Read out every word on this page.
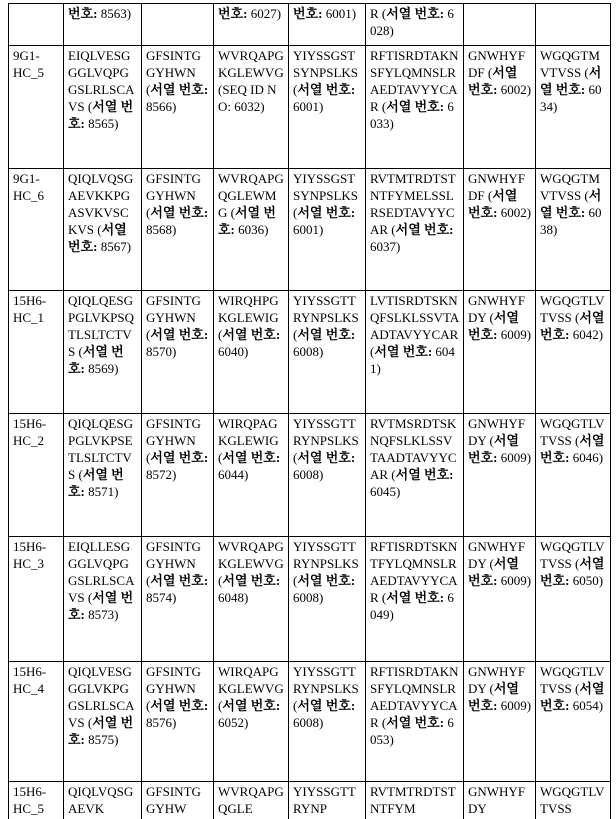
	번호: 8563)		번호: 6027)	번호: 6001)	R (서열 번호: 6028)		
9G1-HC_5	EIQLVESGGGLVQPGGSLRLSCAVS (서열 번호: 8565)	GFSINTGGYHWN (서열 번호: 8566)	WVRQAPGKGLEWVG (SEQ ID NO: 6032)	YIYSSGSTSYNPSLKS (서열 번호: 6001)	RFTISRDTAKNSFYLQMNSLRAEDTAVYYCAR (서열 번호: 6033)	GNWHYFDF (서열 번호: 6002)	WGQGTMVTVSS (서열 번호: 6034)
9G1-HC_6	QIQLVQSGAEVKKPGASVKVSCKVS (서열 번호: 8567)	GFSINTGGYHWN (서열 번호: 8568)	WVRQAPGQGLEWMG (서열 번호: 6036)	YIYSSGSTSYNPSLKS (서열 번호: 6001)	RVTMTRDTSTNTFYMELSSLRSEDTAVYYCAR (서열 번호: 6037)	GNWHYFDF (서열 번호: 6002)	WGQGTMVTVSS (서열 번호: 6038)
15H6-HC_1	QIQLQESGPGLVKPSQTLSLTCTVS (서열 번호: 8569)	GFSINTGGYHWN (서열 번호: 8570)	WIRQHPGKGLEWIG (서열 번호: 6040)	YIYSSGTTRYNPSLKS (서열 번호: 6008)	LVTISRDTSKNQFSLKLSSVTAADTAVYYCAR (서열 번호: 6041)	GNWHYFDY (서열 번호: 6009)	WGQGTLVTVSS (서열 번호: 6042)
15H6-HC_2	QIQLQESGPGLVKPSETLSLTCTVS (서열 번호: 8571)	GFSINTGGYHWN (서열 번호: 8572)	WIRQPAGKGLEWIG (서열 번호: 6044)	YIYSSGTTRYNPSLKS (서열 번호: 6008)	RVTMSRDTSKNQFSLKLSSVTAADTAVYYCAR (서열 번호: 6045)	GNWHYFDY (서열 번호: 6009)	WGQGTLVTVSS (서열 번호: 6046)
15H6-HC_3	EIQLLESGGGLVQPGGSLRLSCAVS (서열 번호: 8573)	GFSINTGGYHWN (서열 번호: 8574)	WVRQAPGKGLEWVG (서열 번호: 6048)	YIYSSGTTRYNPSLKS (서열 번호: 6008)	RFTISRDTSKNTFYLQMNSLRAEDTAVYYCAR (서열 번호: 6049)	GNWHYFDY (서열 번호: 6009)	WGQGTLVTVSS (서열 번호: 6050)
15H6-HC_4	QIQLVESGGGLVKPGGSLRLSCAVS (서열 번호: 8575)	GFSINTGGYHWN (서열 번호: 8576)	WIRQAPGKGLEWVG (서열 번호: 6052)	YIYSSGTTRYNPSLKS (서열 번호: 6008)	RFTISRDTAKNSFYLQMNSLRAEDTAVYYCAR (서열 번호: 6053)	GNWHYFDY (서열 번호: 6009)	WGQGTLVTVSS (서열 번호: 6054)
15H6-HC_5	QIQLVQSGAEVK	GFSINTGGYHW	WVRQAPGQGLE	YIYSSGTTRYNP	RVTMTRDTSTNTFYM	GNWHYFDY	WGQGTLVTVSS
